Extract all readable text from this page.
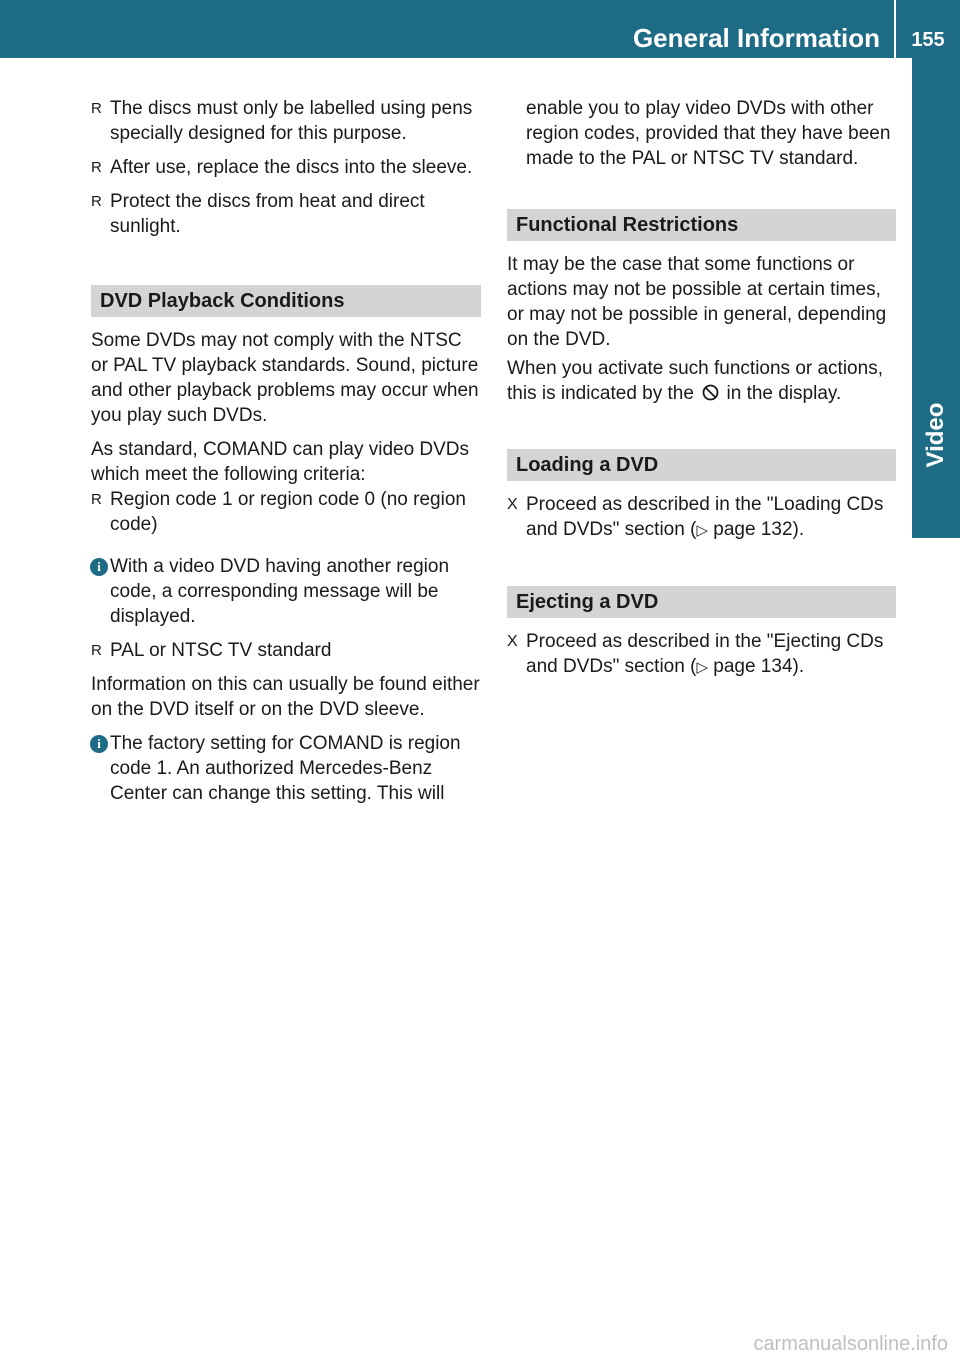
General Information	155
Video
R The discs must only be labelled using pens specially designed for this purpose.
R After use, replace the discs into the sleeve.
R Protect the discs from heat and direct sunlight.
DVD Playback Conditions

Some DVDs may not comply with the NTSC or PAL TV playback standards. Sound, picture and other playback problems may occur when you play such DVDs.

As standard, COMAND can play video DVDs which meet the following criteria:

R Region code 1 or region code 0 (no region code)
i With a video DVD having another region code, a corresponding message will be displayed.
R PAL or NTSC TV standard

Information on this can usually be found either on the DVD itself or on the DVD sleeve.

i The factory setting for COMAND is region code 1. An authorized Mercedes-Benz Center can change this setting. This will

enable you to play video DVDs with other region codes, provided that they have been made to the PAL or NTSC TV standard.

Functional Restrictions

It may be the case that some functions or actions may not be possible at certain times, or may not be possible in general, depending on the DVD.

When you activate such functions or actions, this is indicated by the in the display.

Loading a DVD
X Proceed as described in the "Loading CDs and DVDs" section (▷ page 132).
Ejecting a DVD
X Proceed as described in the "Ejecting CDs and DVDs" section (▷ page 134).
carmanualsonline.info
